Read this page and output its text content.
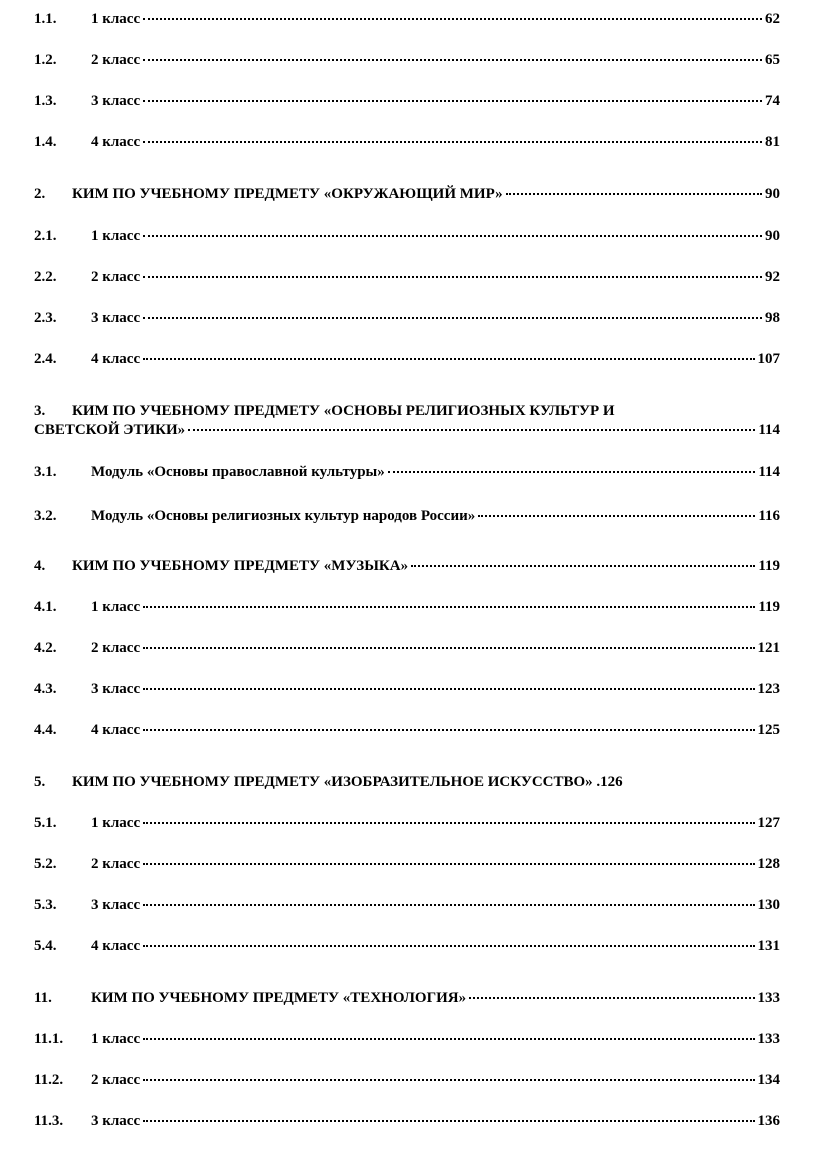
1.1.	1 класс	62
1.2.	2 класс	65
1.3.	3 класс	74
1.4.	4 класс	81
2.	КИМ ПО УЧЕБНОМУ ПРЕДМЕТУ «ОКРУЖАЮЩИЙ МИР»	90
2.1.	1 класс	90
2.2.	2 класс	92
2.3.	3 класс	98
2.4.	4 класс	107
3. КИМ ПО УЧЕБНОМУ ПРЕДМЕТУ «ОСНОВЫ РЕЛИГИОЗНЫХ КУЛЬТУР И
СВЕТСКОЙ ЭТИКИ»	114
3.1.	Модуль «Основы православной культуры»	114
3.2.	Модуль «Основы религиозных культур народов России»	116
4.	КИМ ПО УЧЕБНОМУ ПРЕДМЕТУ «МУЗЫКА»	119
4.1.	1 класс	119
4.2.	2 класс	121
4.3.	3 класс	123
4.4.	4 класс	125
5.	КИМ ПО УЧЕБНОМУ ПРЕДМЕТУ «ИЗОБРАЗИТЕЛЬНОЕ ИСКУССТВО» .126
5.1.	1 класс	127
5.2.	2 класс	128
5.3.	3 класс	130
5.4.	4 класс	131
11.	КИМ ПО УЧЕБНОМУ ПРЕДМЕТУ «ТЕХНОЛОГИЯ»	133
11.1.	1 класс	133
11.2.	2 класс	134
11.3.	3 класс	136
